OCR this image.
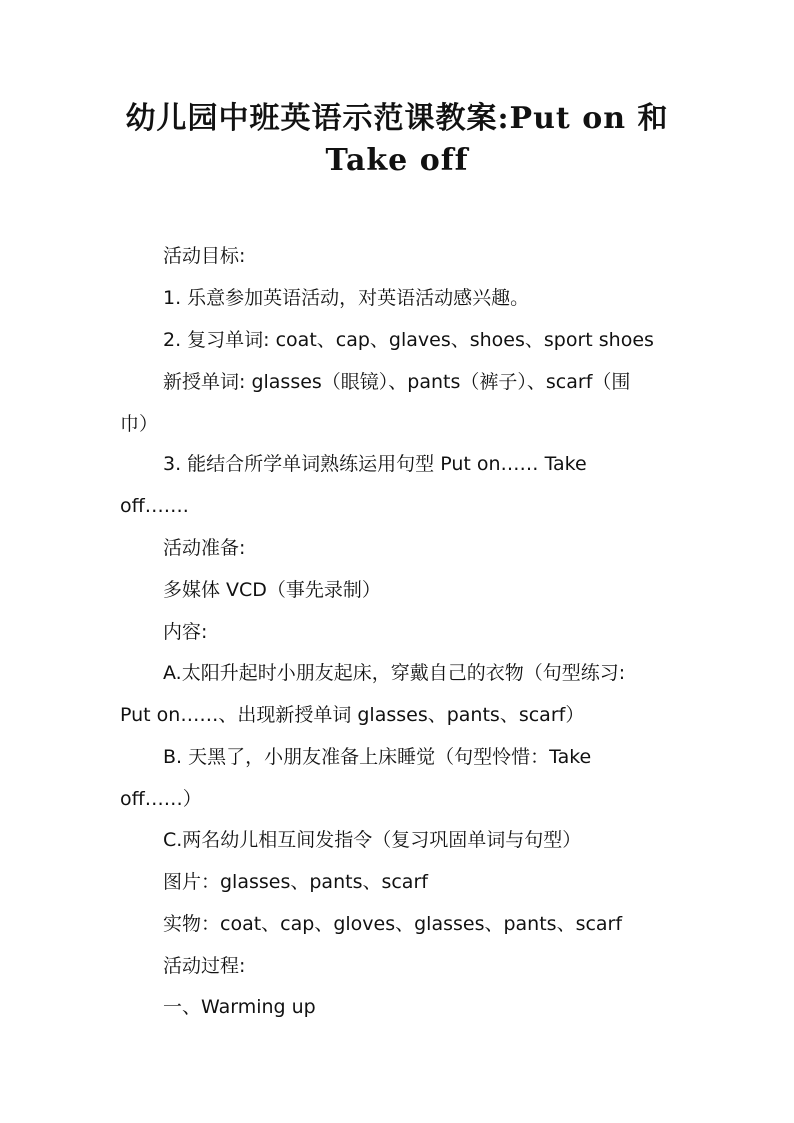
幼儿园中班英语示范课教案:Put on 和
Take off
活动目标:
1. 乐意参加英语活动，对英语活动感兴趣。
2. 复习单词: coat、cap、glaves、shoes、sport shoes
新授单词: glasses（眼镜）、pants（裤子）、scarf（围
巾）
3. 能结合所学单词熟练运用句型 Put on…… Take
off…….
活动准备:
多媒体 VCD（事先录制）
内容:
A.太阳升起时小朋友起床，穿戴自己的衣物（句型练习:
Put on……、出现新授单词 glasses、pants、scarf）
B. 天黑了，小朋友准备上床睡觉（句型怜惜：Take
off……）
C.两名幼儿相互间发指令（复习巩固单词与句型）
图片：glasses、pants、scarf
实物：coat、cap、gloves、glasses、pants、scarf
活动过程:
一、Warming up
